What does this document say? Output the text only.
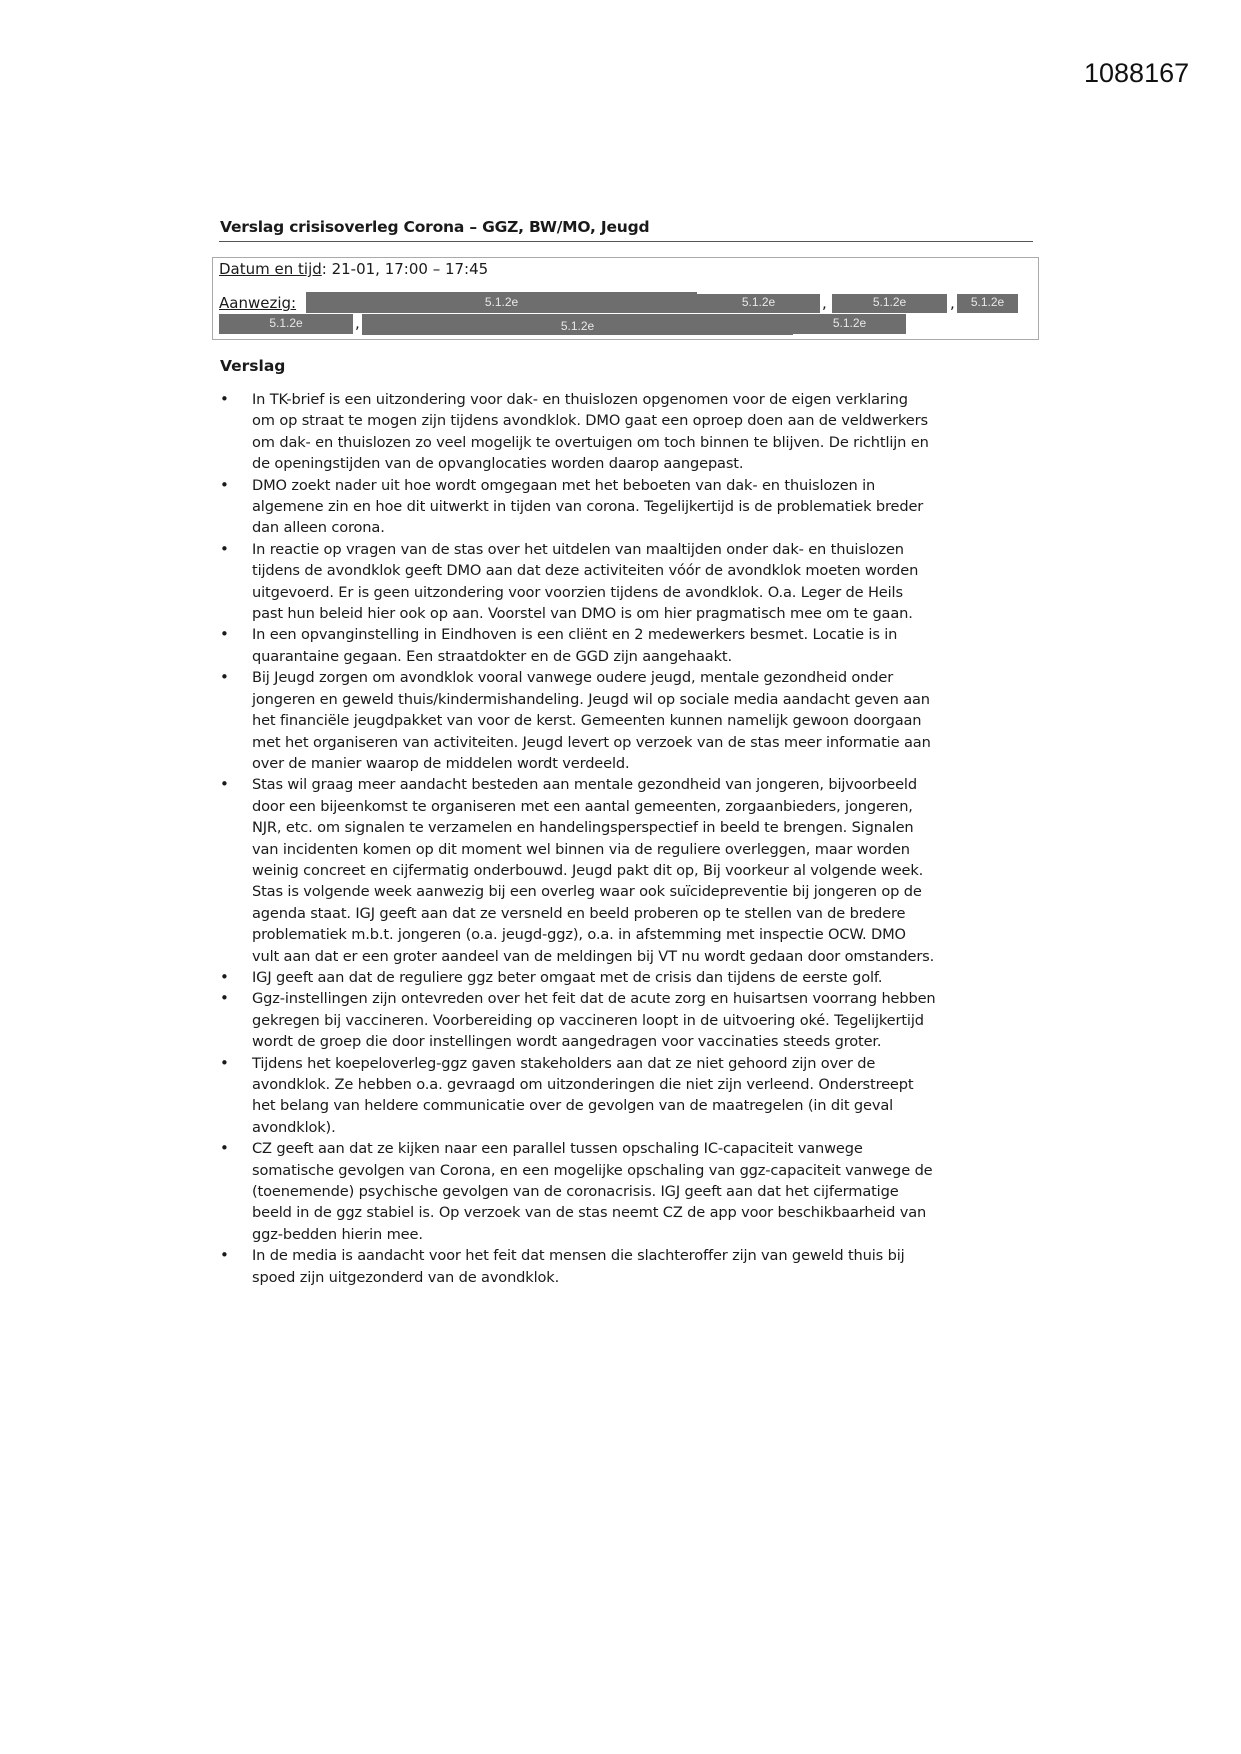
1088167
Verslag crisisoverleg Corona – GGZ, BW/MO, Jeugd
Datum en tijd: 21-01, 17:00 – 17:45
Aanwezig:	5.1.2e	5.1.2e	,	5.1.2e	,	5.1.2e
5.1.2e	,	5.1.2e	5.1.2e
Verslag
• In TK-brief is een uitzondering voor dak- en thuislozen opgenomen voor de eigen verklaring
om op straat te mogen zijn tijdens avondklok. DMO gaat een oproep doen aan de veldwerkers
om dak- en thuislozen zo veel mogelijk te overtuigen om toch binnen te blijven. De richtlijn en
de openingstijden van de opvanglocaties worden daarop aangepast.
• DMO zoekt nader uit hoe wordt omgegaan met het beboeten van dak- en thuislozen in
algemene zin en hoe dit uitwerkt in tijden van corona. Tegelijkertijd is de problematiek breder
dan alleen corona.
• In reactie op vragen van de stas over het uitdelen van maaltijden onder dak- en thuislozen
tijdens de avondklok geeft DMO aan dat deze activiteiten vóór de avondklok moeten worden
uitgevoerd. Er is geen uitzondering voor voorzien tijdens de avondklok. O.a. Leger de Heils
past hun beleid hier ook op aan. Voorstel van DMO is om hier pragmatisch mee om te gaan.
• In een opvanginstelling in Eindhoven is een cliënt en 2 medewerkers besmet. Locatie is in
quarantaine gegaan. Een straatdokter en de GGD zijn aangehaakt.
• Bij Jeugd zorgen om avondklok vooral vanwege oudere jeugd, mentale gezondheid onder
jongeren en geweld thuis/kindermishandeling. Jeugd wil op sociale media aandacht geven aan
het financiële jeugdpakket van voor de kerst. Gemeenten kunnen namelijk gewoon doorgaan
met het organiseren van activiteiten. Jeugd levert op verzoek van de stas meer informatie aan
over de manier waarop de middelen wordt verdeeld.
• Stas wil graag meer aandacht besteden aan mentale gezondheid van jongeren, bijvoorbeeld
door een bijeenkomst te organiseren met een aantal gemeenten, zorgaanbieders, jongeren,
NJR, etc. om signalen te verzamelen en handelingsperspectief in beeld te brengen. Signalen
van incidenten komen op dit moment wel binnen via de reguliere overleggen, maar worden
weinig concreet en cijfermatig onderbouwd. Jeugd pakt dit op, Bij voorkeur al volgende week.
Stas is volgende week aanwezig bij een overleg waar ook suïcidepreventie bij jongeren op de
agenda staat. IGJ geeft aan dat ze versneld en beeld proberen op te stellen van de bredere
problematiek m.b.t. jongeren (o.a. jeugd-ggz), o.a. in afstemming met inspectie OCW. DMO
vult aan dat er een groter aandeel van de meldingen bij VT nu wordt gedaan door omstanders.
• IGJ geeft aan dat de reguliere ggz beter omgaat met de crisis dan tijdens de eerste golf.
• Ggz-instellingen zijn ontevreden over het feit dat de acute zorg en huisartsen voorrang hebben
gekregen bij vaccineren. Voorbereiding op vaccineren loopt in de uitvoering oké. Tegelijkertijd
wordt de groep die door instellingen wordt aangedragen voor vaccinaties steeds groter.
• Tijdens het koepeloverleg-ggz gaven stakeholders aan dat ze niet gehoord zijn over de
avondklok. Ze hebben o.a. gevraagd om uitzonderingen die niet zijn verleend. Onderstreept
het belang van heldere communicatie over de gevolgen van de maatregelen (in dit geval
avondklok).
• CZ geeft aan dat ze kijken naar een parallel tussen opschaling IC-capaciteit vanwege
somatische gevolgen van Corona, en een mogelijke opschaling van ggz-capaciteit vanwege de
(toenemende) psychische gevolgen van de coronacrisis. IGJ geeft aan dat het cijfermatige
beeld in de ggz stabiel is. Op verzoek van de stas neemt CZ de app voor beschikbaarheid van
ggz-bedden hierin mee.
• In de media is aandacht voor het feit dat mensen die slachteroffer zijn van geweld thuis bij
spoed zijn uitgezonderd van de avondklok.
